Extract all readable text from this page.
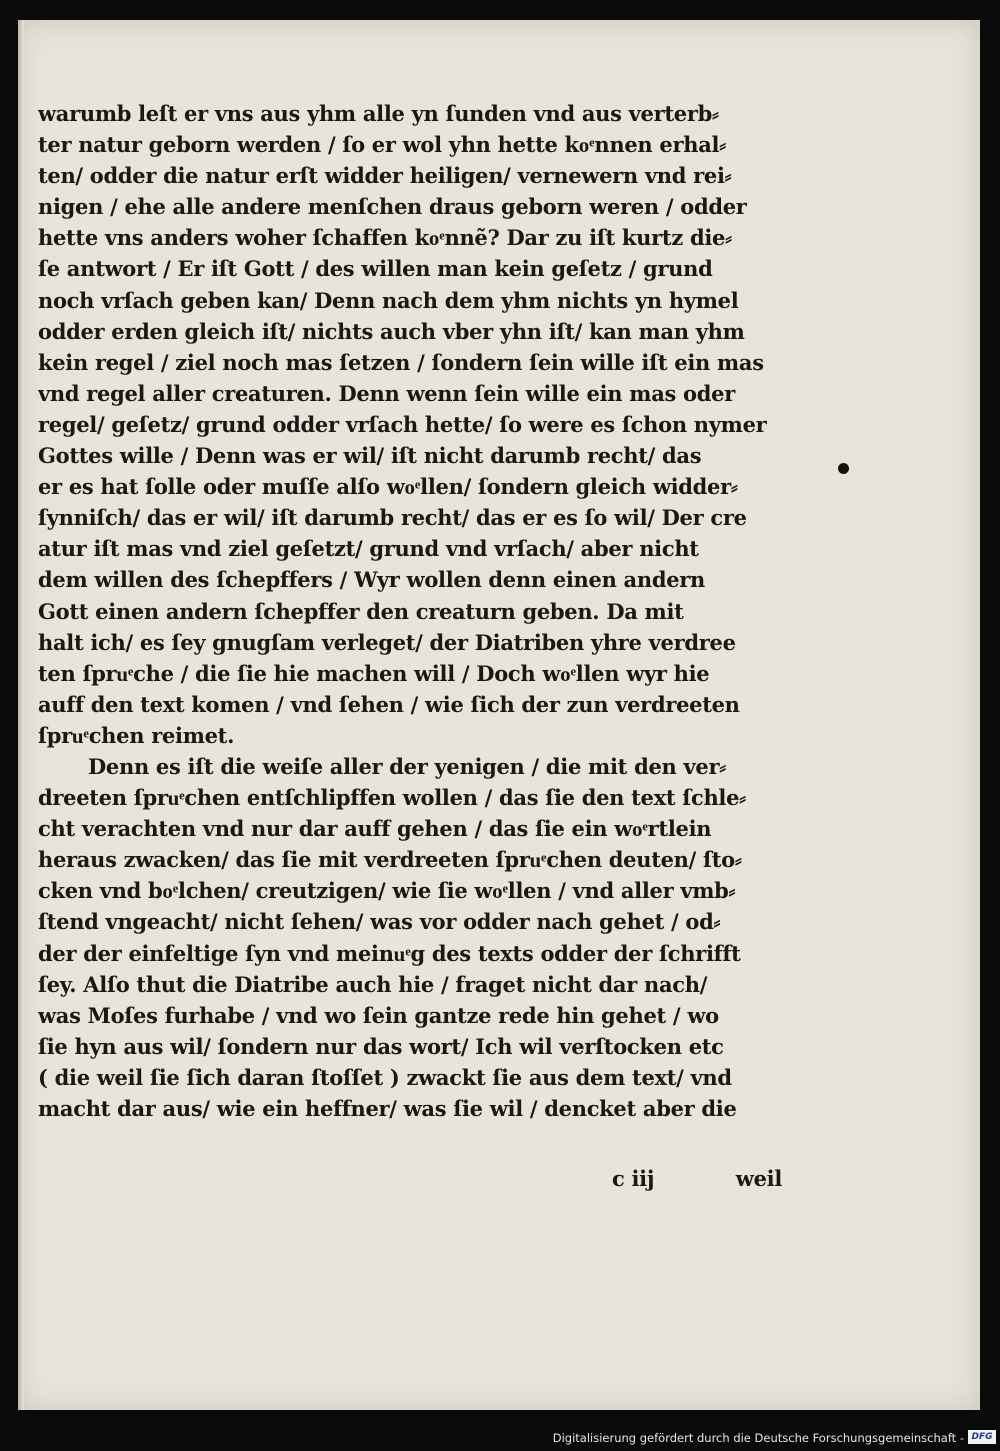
warumb leſt er vns aus yhm alle yn ſunden vnd aus verterb⸗
ter natur geborn werden / ſo er wol yhn hette koͤnnen erhal⸗
ten/ odder die natur erſt widder heiligen/ vernewern vnd rei⸗
nigen / ehe alle andere menſchen draus geborn weren / odder
hette vns anders woher ſchaffen koͤnnẽ? Dar zu iſt kurtz die⸗
ſe antwort / Er iſt Gott / des willen man kein geſetz / grund
noch vrſach geben kan/ Denn nach dem yhm nichts yn hymel
odder erden gleich iſt/ nichts auch vber yhn iſt/ kan man yhm
kein regel / ziel noch mas ſetzen / ſondern ſein wille iſt ein mas
vnd regel aller creaturen. Denn wenn ſein wille ein mas oder
regel/ geſetz/ grund odder vrſach hette/ ſo were es ſchon nymer
Gottes wille / Denn was er wil/ iſt nicht darumb recht/ das
er es hat ſolle oder muſſe alſo woͤllen/ ſondern gleich widder⸗
ſynniſch/ das er wil/ iſt darumb recht/ das er es ſo wil/ Der cre
atur iſt mas vnd ziel geſetzt/ grund vnd vrſach/ aber nicht
dem willen des ſchepffers / Wyr wollen denn einen andern
Gott einen andern ſchepffer den creaturn geben. Da mit
halt ich/ es ſey gnugſam verleget/ der Diatriben yhre verdree
ten ſpruͤche / die ſie hie machen will / Doch woͤllen wyr hie
auff den text komen / vnd ſehen / wie ſich der zun verdreeten
ſpruͤchen reimet.
Denn es iſt die weiſe aller der yenigen / die mit den ver⸗
dreeten ſpruͤchen entſchlipffen wollen / das ſie den text ſchle⸗
cht verachten vnd nur dar auff gehen / das ſie ein woͤrtlein
heraus zwacken/ das ſie mit verdreeten ſpruͤchen deuten/ ſto⸗
cken vnd boͤlchen/ creutzigen/ wie ſie woͤllen / vnd aller vmb⸗
ſtend vngeacht/ nicht ſehen/ was vor odder nach gehet / od⸗
der der einfeltige ſyn vnd meinuͤg des texts odder der ſchrifft
ſey. Alſo thut die Diatribe auch hie / fraget nicht dar nach/
was Moſes furhabe / vnd wo ſein gantze rede hin gehet / wo
ſie hyn aus wil/ ſondern nur das wort/ Ich wil verſtocken etc
( die weil ſie ſich daran ſtoſſet ) zwackt ſie aus dem text/ vnd
macht dar aus/ wie ein heffner/ was ſie wil / dencket aber die
c iij	weil
Digitalisierung gefördert durch die Deutsche Forschungsgemeinschaft - DFG
